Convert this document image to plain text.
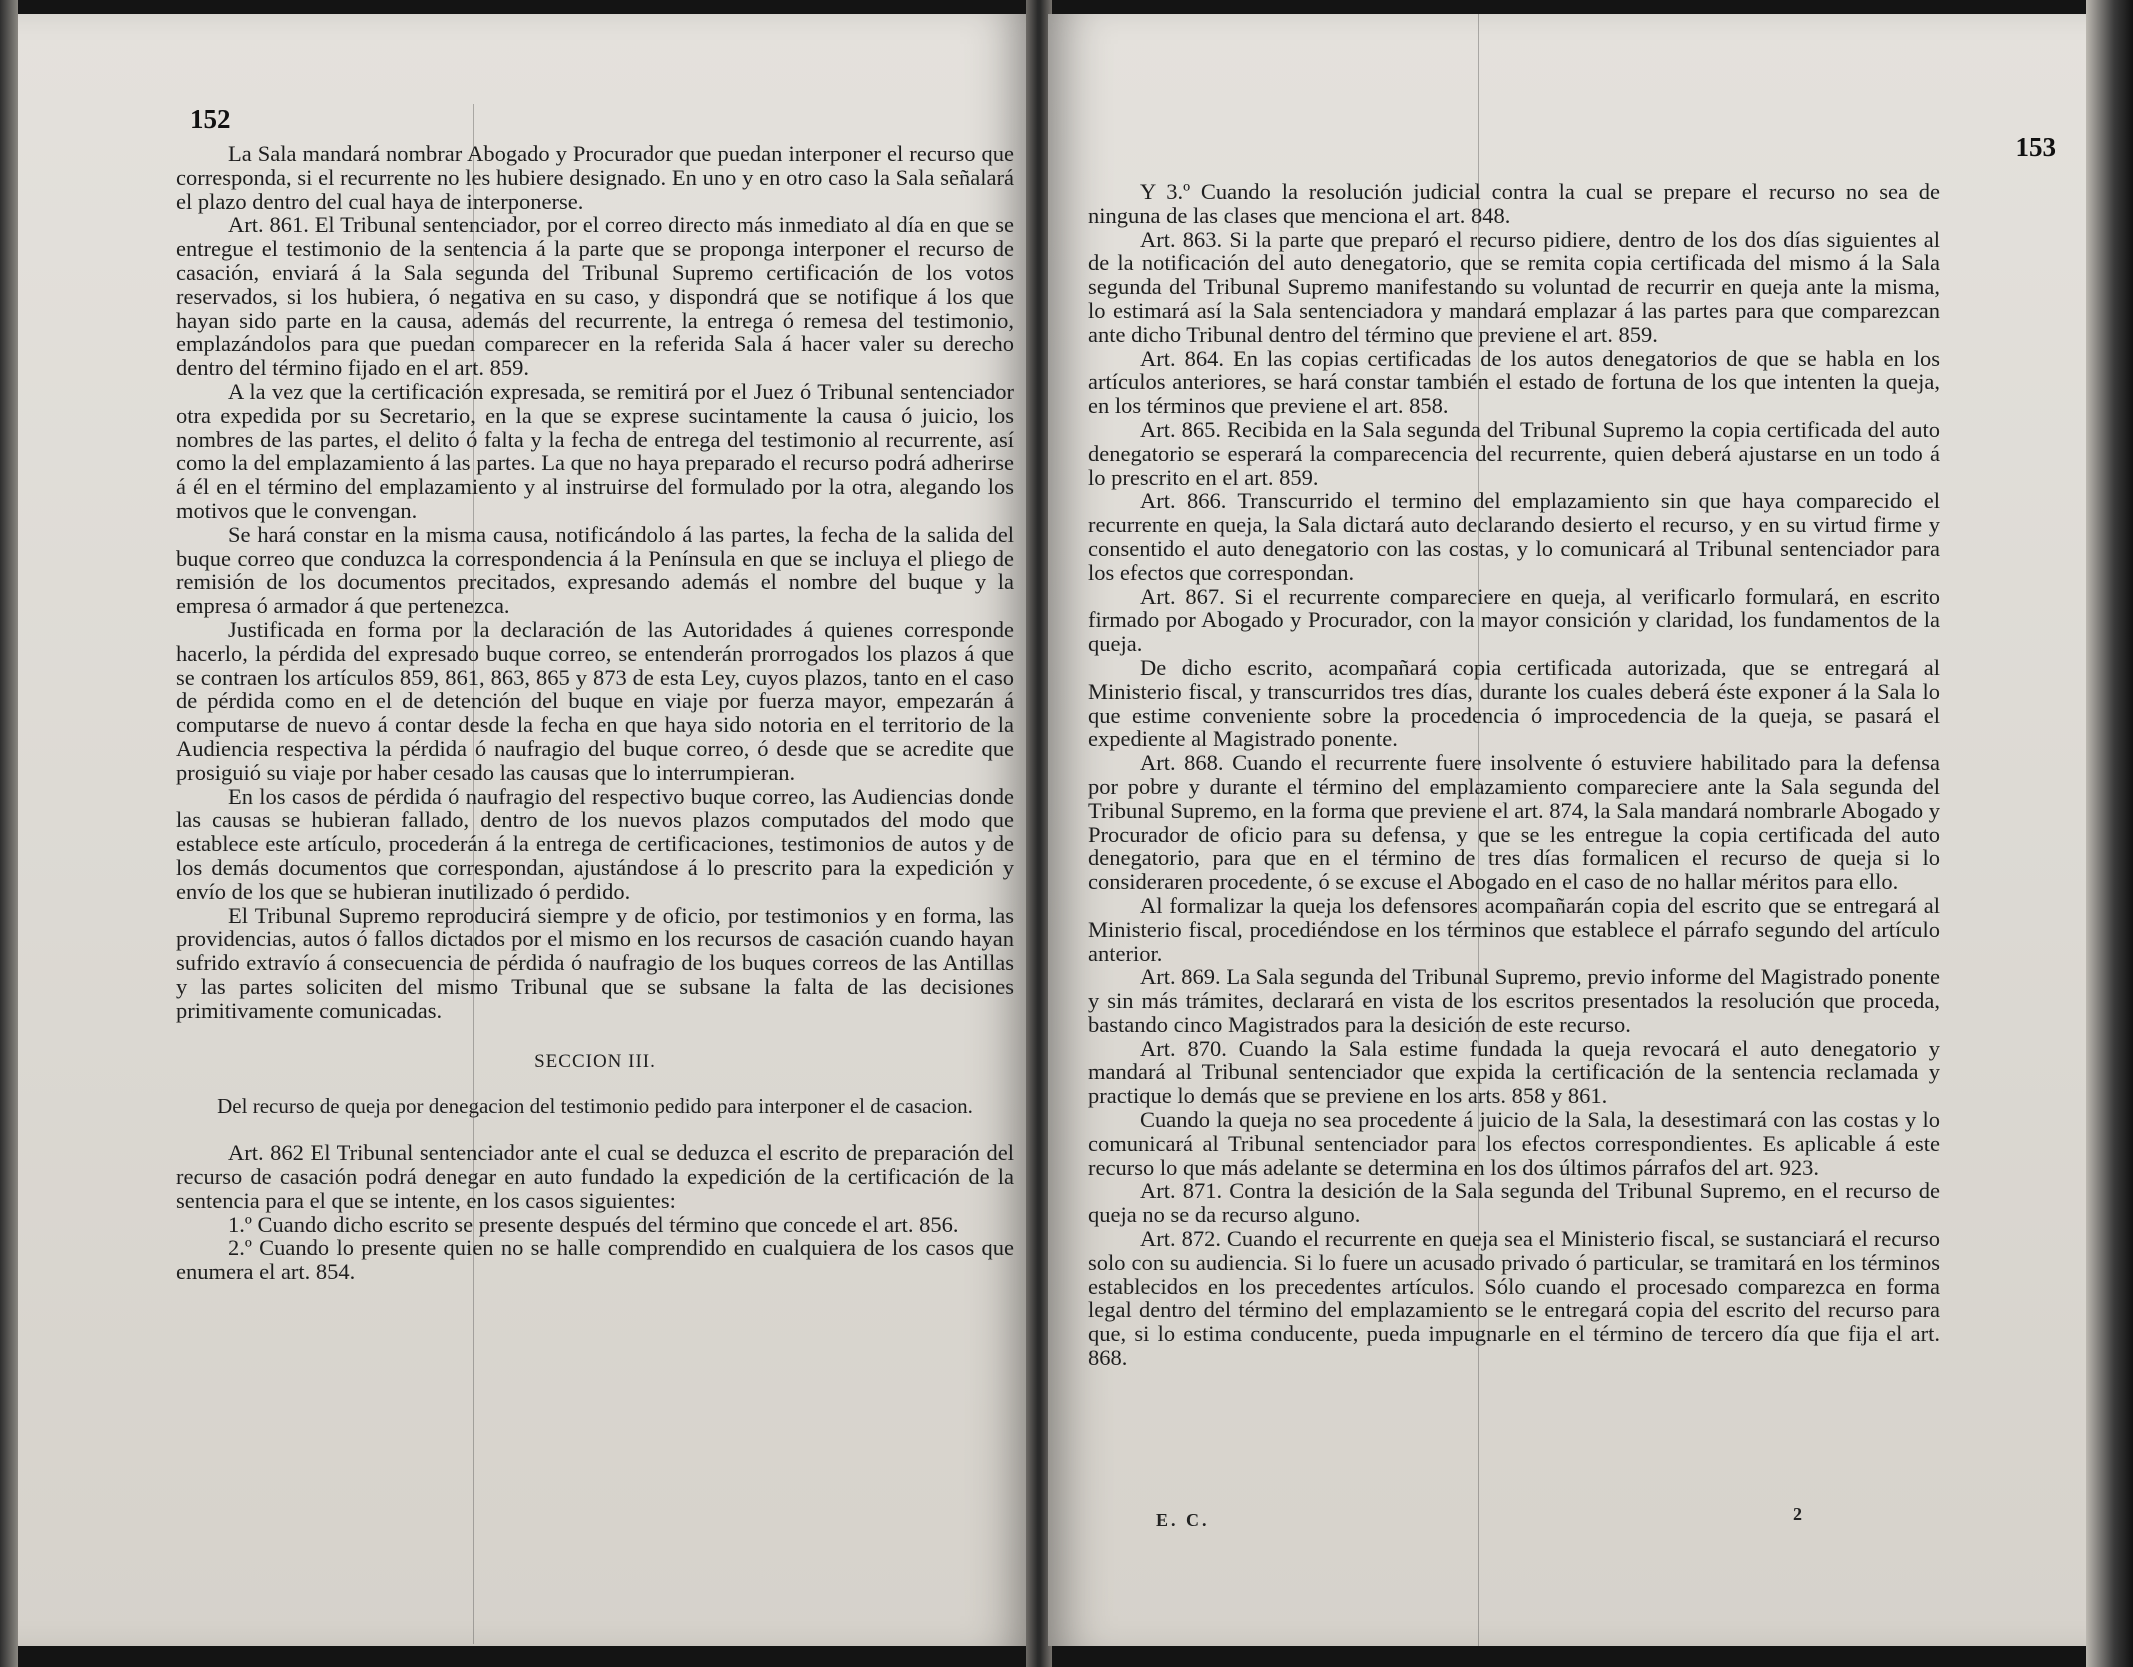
152

La Sala mandará nombrar Abogado y Procurador que puedan interponer el recurso que corresponda, si el recurrente no les hubiere designado. En uno y en otro caso la Sala señalará el plazo dentro del cual haya de interponerse.

Art. 861. El Tribunal sentenciador, por el correo directo más inmediato al día en que se entregue el testimonio de la sentencia á la parte que se proponga interponer el recurso de casación, enviará á la Sala segunda del Tribunal Supremo certificación de los votos reservados, si los hubiera, ó negativa en su caso, y dispondrá que se notifique á los que hayan sido parte en la causa, además del recurrente, la entrega ó remesa del testimonio, emplazándolos para que puedan comparecer en la referida Sala á hacer valer su derecho dentro del término fijado en el art. 859.

A la vez que la certificación expresada, se remitirá por el Juez ó Tribunal sentenciador otra expedida por su Secretario, en la que se exprese sucintamente la causa ó juicio, los nombres de las partes, el delito ó falta y la fecha de entrega del testimonio al recurrente, así como la del emplazamiento á las partes. La que no haya preparado el recurso podrá adherirse á él en el término del emplazamiento y al instruirse del formulado por la otra, alegando los motivos que le convengan.

Se hará constar en la misma causa, notificándolo á las partes, la fecha de la salida del buque correo que conduzca la correspondencia á la Península en que se incluya el pliego de remisión de los documentos precitados, expresando además el nombre del buque y la empresa ó armador á que pertenezca.

Justificada en forma por la declaración de las Autoridades á quienes corresponde hacerlo, la pérdida del expresado buque correo, se entenderán prorrogados los plazos á que se contraen los artículos 859, 861, 863, 865 y 873 de esta Ley, cuyos plazos, tanto en el caso de pérdida como en el de detención del buque en viaje por fuerza mayor, empezarán á computarse de nuevo á contar desde la fecha en que haya sido notoria en el territorio de la Audiencia respectiva la pérdida ó naufragio del buque correo, ó desde que se acredite que prosiguió su viaje por haber cesado las causas que lo interrumpieran.

En los casos de pérdida ó naufragio del respectivo buque correo, las Audiencias donde las causas se hubieran fallado, dentro de los nuevos plazos computados del modo que establece este artículo, procederán á la entrega de certificaciones, testimonios de autos y de los demás documentos que correspondan, ajustándose á lo prescrito para la expedición y envío de los que se hubieran inutilizado ó perdido.

El Tribunal Supremo reproducirá siempre y de oficio, por testimonios y en forma, las providencias, autos ó fallos dictados por el mismo en los recursos de casación cuando hayan sufrido extravío á consecuencia de pérdida ó naufragio de los buques correos de las Antillas y las partes soliciten del mismo Tribunal que se subsane la falta de las decisiones primitivamente comunicadas.

SECCION III.

Del recurso de queja por denegacion del testimonio pedido para interponer el de casacion.

Art. 862 El Tribunal sentenciador ante el cual se deduzca el escrito de preparación del recurso de casación podrá denegar en auto fundado la expedición de la certificación de la sentencia para el que se intente, en los casos siguientes:

1.º Cuando dicho escrito se presente después del término que concede el art. 856.

2.º Cuando lo presente quien no se halle comprendido en cualquiera de los casos que enumera el art. 854.

153

Y 3.º Cuando la resolución judicial contra la cual se prepare el recurso no sea de ninguna de las clases que menciona el art. 848.

Art. 863. Si la parte que preparó el recurso pidiere, dentro de los dos días siguientes al de la notificación del auto denegatorio, que se remita copia certificada del mismo á la Sala segunda del Tribunal Supremo manifestando su voluntad de recurrir en queja ante la misma, lo estimará así la Sala sentenciadora y mandará emplazar á las partes para que comparezcan ante dicho Tribunal dentro del término que previene el art. 859.

Art. 864. En las copias certificadas de los autos denegatorios de que se habla en los artículos anteriores, se hará constar también el estado de fortuna de los que intenten la queja, en los términos que previene el art. 858.

Art. 865. Recibida en la Sala segunda del Tribunal Supremo la copia certificada del auto denegatorio se esperará la comparecencia del recurrente, quien deberá ajustarse en un todo á lo prescrito en el art. 859.

Art. 866. Transcurrido el termino del emplazamiento sin que haya comparecido el recurrente en queja, la Sala dictará auto declarando desierto el recurso, y en su virtud firme y consentido el auto denegatorio con las costas, y lo comunicará al Tribunal sentenciador para los efectos que correspondan.

Art. 867. Si el recurrente compareciere en queja, al verificarlo formulará, en escrito firmado por Abogado y Procurador, con la mayor consición y claridad, los fundamentos de la queja.

De dicho escrito, acompañará copia certificada autorizada, que se entregará al Ministerio fiscal, y transcurridos tres días, durante los cuales deberá éste exponer á la Sala lo que estime conveniente sobre la procedencia ó improcedencia de la queja, se pasará el expediente al Magistrado ponente.

Art. 868. Cuando el recurrente fuere insolvente ó estuviere habilitado para la defensa por pobre y durante el término del emplazamiento compareciere ante la Sala segunda del Tribunal Supremo, en la forma que previene el art. 874, la Sala mandará nombrarle Abogado y Procurador de oficio para su defensa, y que se les entregue la copia certificada del auto denegatorio, para que en el término de tres días formalicen el recurso de queja si lo consideraren procedente, ó se excuse el Abogado en el caso de no hallar méritos para ello.

Al formalizar la queja los defensores acompañarán copia del escrito que se entregará al Ministerio fiscal, procediéndose en los términos que establece el párrafo segundo del artículo anterior.

Art. 869. La Sala segunda del Tribunal Supremo, previo informe del Magistrado ponente y sin más trámites, declarará en vista de los escritos presentados la resolución que proceda, bastando cinco Magistrados para la desición de este recurso.

Art. 870. Cuando la Sala estime fundada la queja revocará el auto denegatorio y mandará al Tribunal sentenciador que expida la certificación de la sentencia reclamada y practique lo demás que se previene en los arts. 858 y 861.

Cuando la queja no sea procedente á juicio de la Sala, la desestimará con las costas y lo comunicará al Tribunal sentenciador para los efectos correspondientes. Es aplicable á este recurso lo que más adelante se determina en los dos últimos párrafos del art. 923.

Art. 871. Contra la desición de la Sala segunda del Tribunal Supremo, en el recurso de queja no se da recurso alguno.

Art. 872. Cuando el recurrente en queja sea el Ministerio fiscal, se sustanciará el recurso solo con su audiencia. Si lo fuere un acusado privado ó particular, se tramitará en los términos establecidos en los precedentes artículos. Sólo cuando el procesado comparezca en forma legal dentro del término del emplazamiento se le entregará copia del escrito del recurso para que, si lo estima conducente, pueda impugnarle en el término de tercero día que fija el art. 868.

E. C.	2
